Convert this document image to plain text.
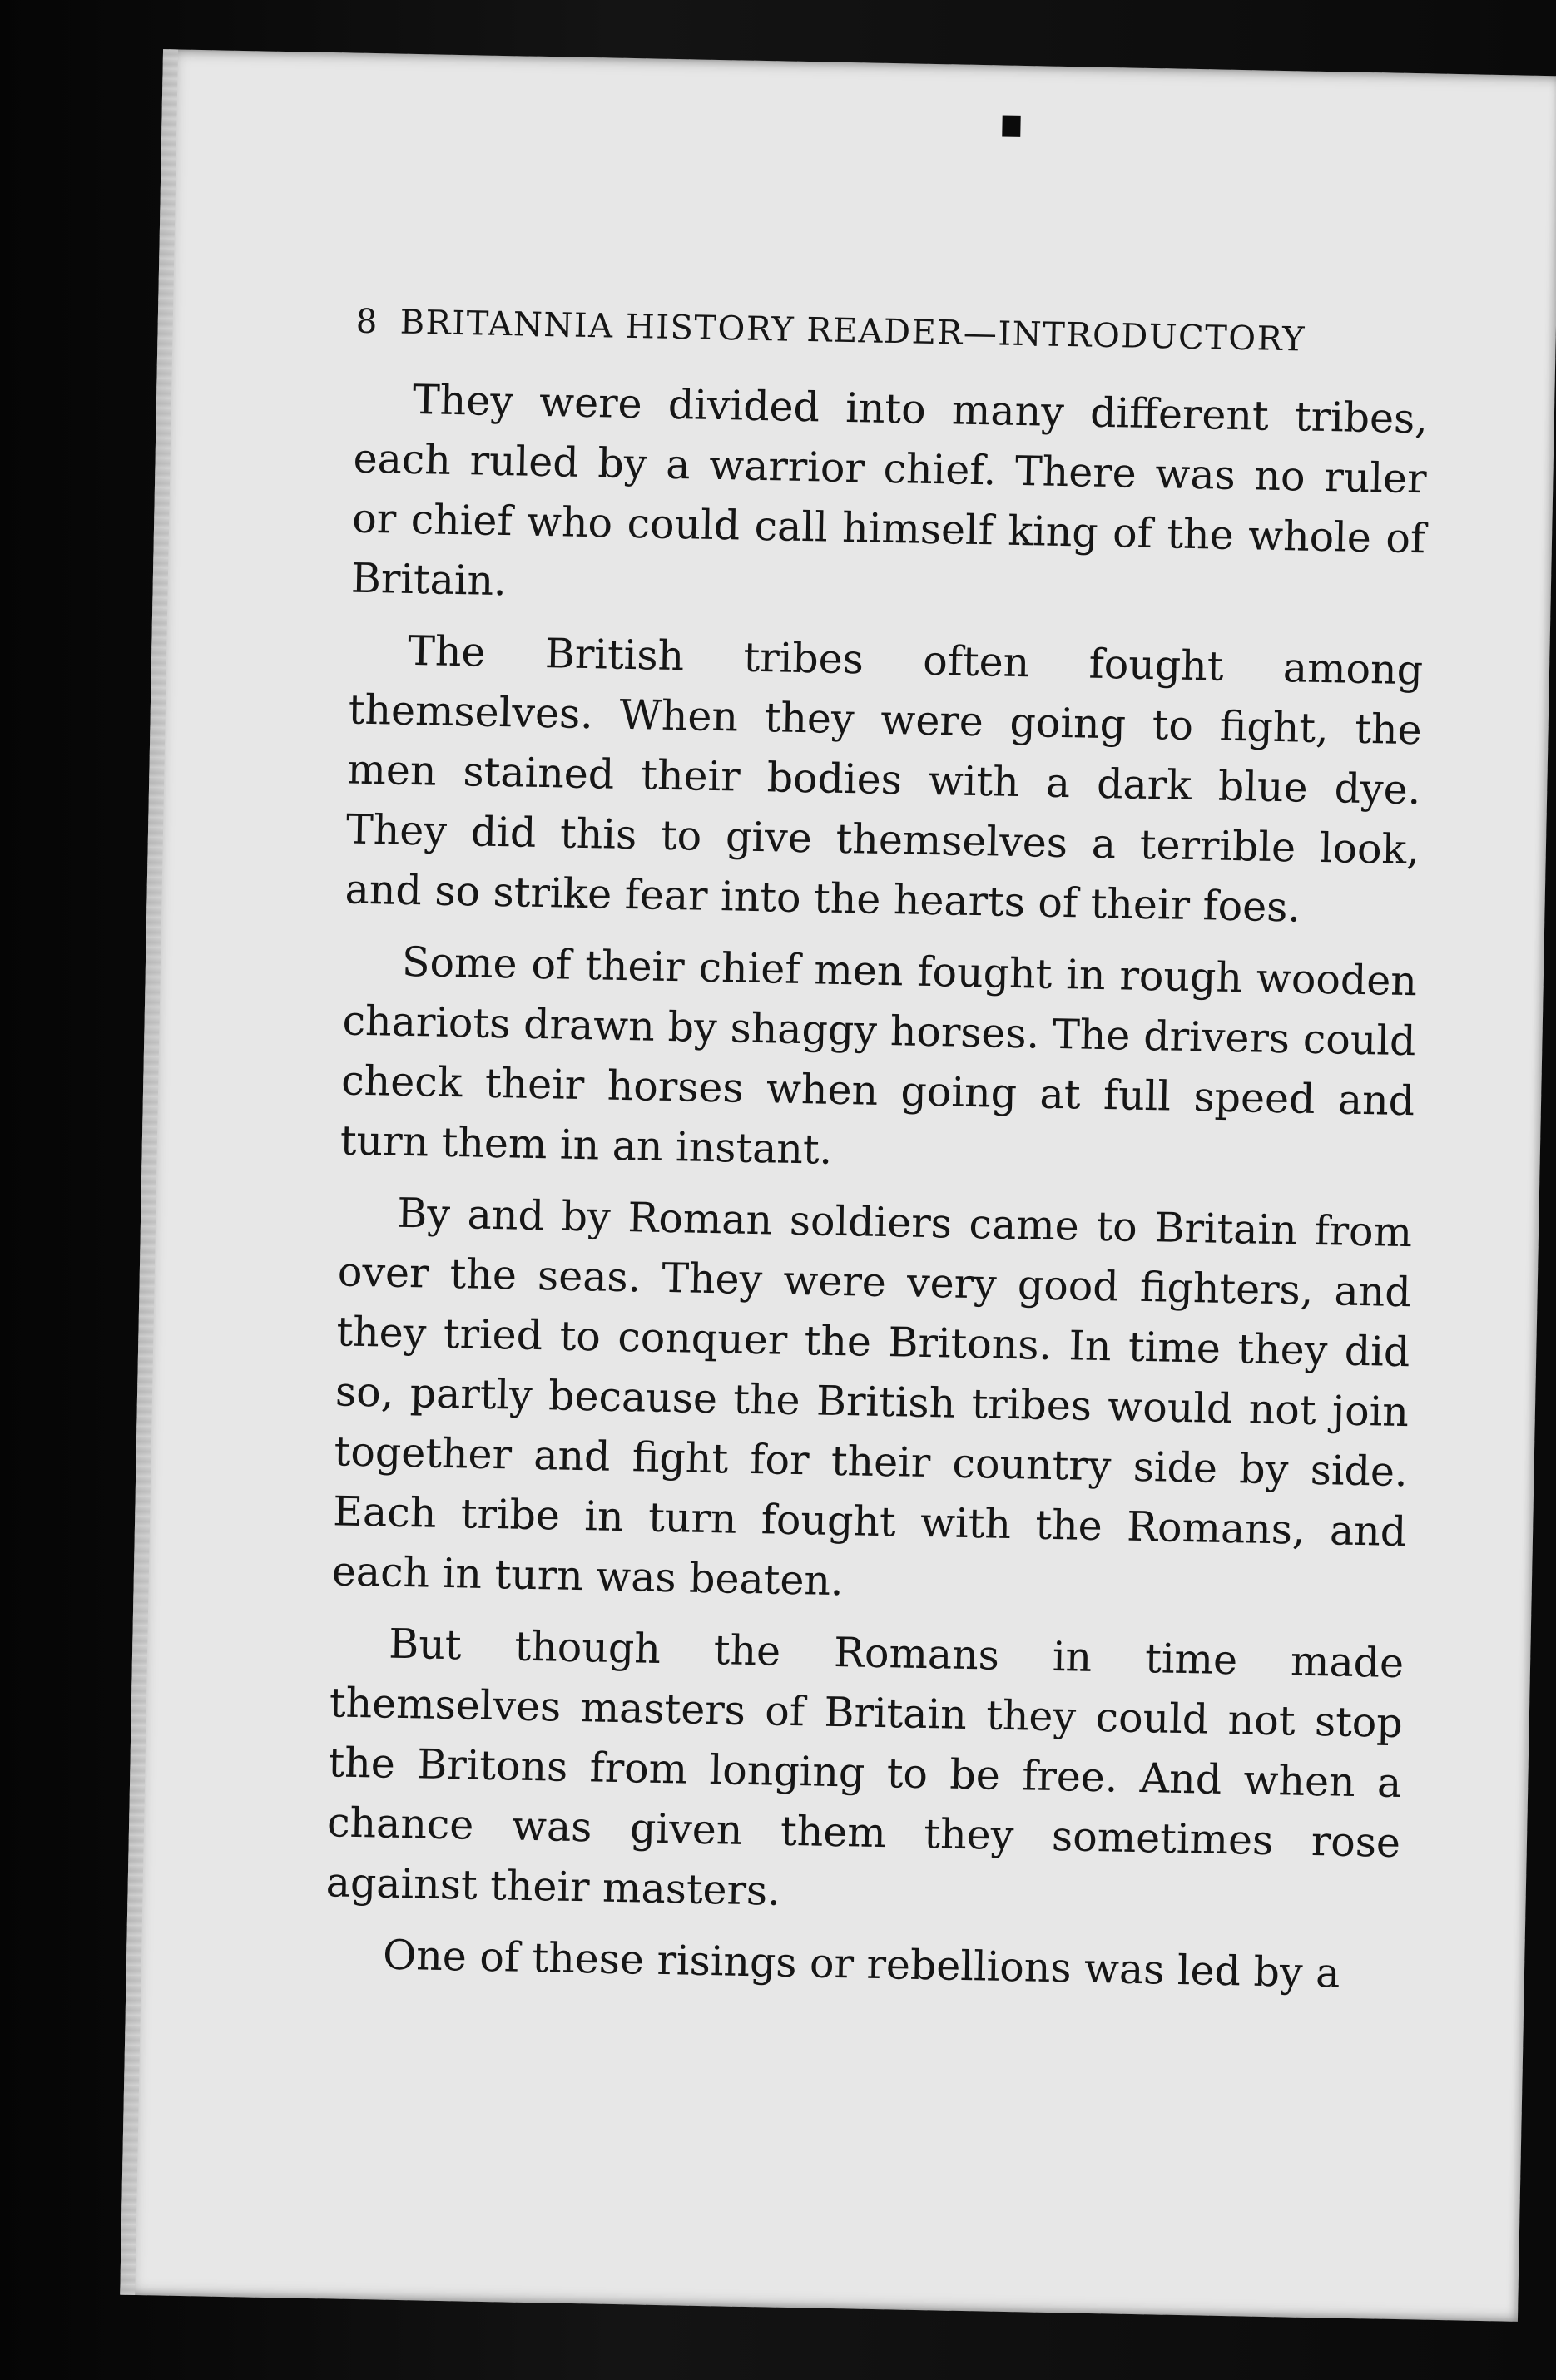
8 BRITANNIA HISTORY READER—INTRODUCTORY

They were divided into many different tribes, each ruled by a warrior chief. There was no ruler or chief who could call himself king of the whole of Britain.

The British tribes often fought among themselves. When they were going to fight, the men stained their bodies with a dark blue dye. They did this to give themselves a terrible look, and so strike fear into the hearts of their foes.

Some of their chief men fought in rough wooden chariots drawn by shaggy horses. The drivers could check their horses when going at full speed and turn them in an instant.

By and by Roman soldiers came to Britain from over the seas. They were very good fighters, and they tried to conquer the Britons. In time they did so, partly because the British tribes would not join together and fight for their country side by side. Each tribe in turn fought with the Romans, and each in turn was beaten.

But though the Romans in time made themselves masters of Britain they could not stop the Britons from longing to be free. And when a chance was given them they sometimes rose against their masters.

One of these risings or rebellions was led by a
